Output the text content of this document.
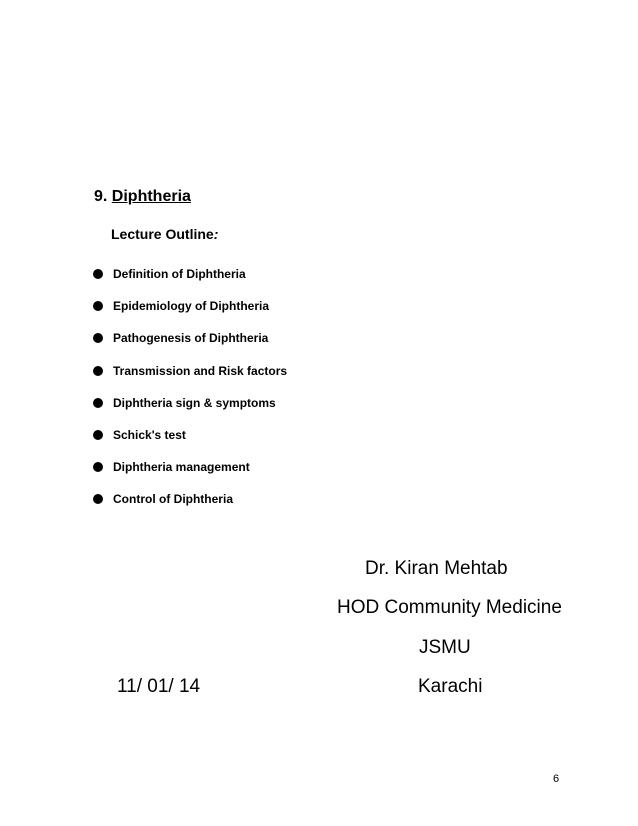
9. Diphtheria
Lecture Outline:
Definition of Diphtheria
Epidemiology of Diphtheria
Pathogenesis of Diphtheria
Transmission and Risk factors
Diphtheria sign & symptoms
Schick's test
Diphtheria management
Control of Diphtheria
Dr. Kiran Mehtab
HOD Community Medicine
JSMU
Karachi
11/ 01/ 14
6
